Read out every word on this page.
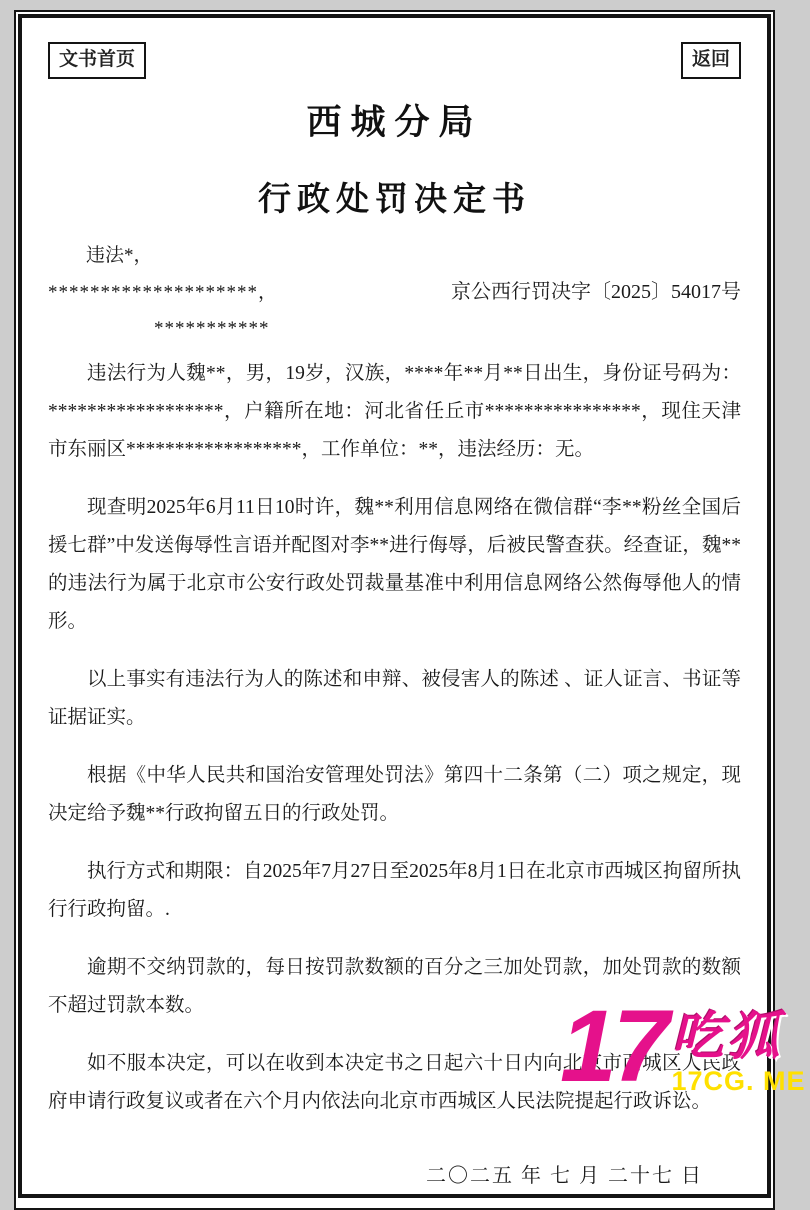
文书首页	返回
西城分局
行政处罚决定书
违法*，
********************，	京公西行罚决字〔2025〕54017号
***********

违法行为人魏**，男，19岁，汉族，****年**月**日出生，身份证号码为：******************，户籍所在地：河北省任丘市****************，现住天津市东丽区******************，工作单位：**，违法经历：无。

现查明2025年6月11日10时许，魏**利用信息网络在微信群“李**粉丝全国后援七群”中发送侮辱性言语并配图对李**进行侮辱，后被民警查获。经查证，魏**的违法行为属于北京市公安行政处罚裁量基准中利用信息网络公然侮辱他人的情形。

以上事实有违法行为人的陈述和申辩、被侵害人的陈述 、证人证言、书证等证据证实。

根据《中华人民共和国治安管理处罚法》第四十二条第（二）项之规定，现决定给予魏**行政拘留五日的行政处罚。

执行方式和期限：自2025年7月27日至2025年8月1日在北京市西城区拘留所执行行政拘留。.

逾期不交纳罚款的，每日按罚款数额的百分之三加处罚款，加处罚款的数额不超过罚款本数。

如不服本决定，可以在收到本决定书之日起六十日内向北京市西城区人民政府申请行政复议或者在六个月内依法向北京市西城区人民法院提起行政诉讼。

二〇二五 年 七 月 二十七 日
17 吃狐
17CG. ME
